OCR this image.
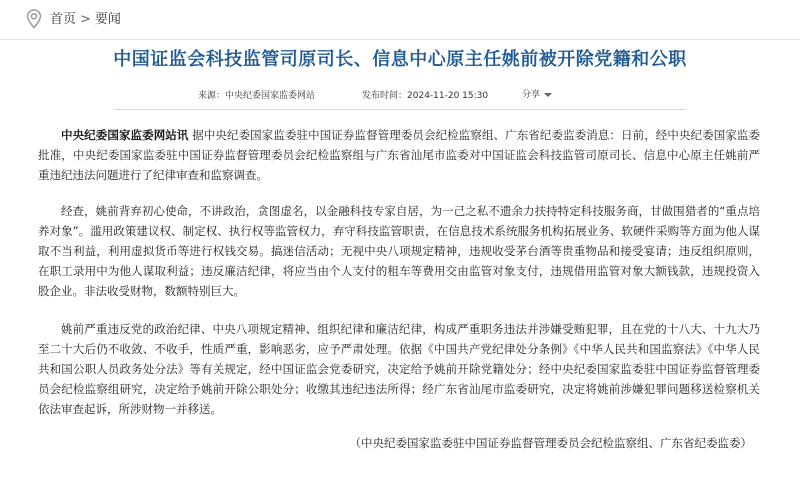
首页 > 要闻
中国证监会科技监管司原司长、信息中心原主任姚前被开除党籍和公职
来源：中央纪委国家监委网站	发布时间：2024-11-20 15:30	分享
中央纪委国家监委网站讯 据中央纪委国家监委驻中国证券监督管理委员会纪检监察组、广东省纪委监委消息：日前，经中央纪委国家监委批准，中央纪委国家监委驻中国证券监督管理委员会纪检监察组与广东省汕尾市监委对中国证监会科技监管司原司长、信息中心原主任姚前严重违纪违法问题进行了纪律审查和监察调查。
经查，姚前背弃初心使命，不讲政治，贪图虚名，以金融科技专家自居，为一己之私不遗余力扶持特定科技服务商，甘做围猎者的“重点培养对象”。滥用政策建议权、制定权、执行权等监管权力，弃守科技监管职责，在信息技术系统服务机构拓展业务、软硬件采购等方面为他人谋取不当利益，利用虚拟货币等进行权钱交易。搞迷信活动；无视中央八项规定精神，违规收受茅台酒等贵重物品和接受宴请；违反组织原则，在职工录用中为他人谋取利益；违反廉洁纪律，将应当由个人支付的租车等费用交由监管对象支付，违规借用监管对象大额钱款，违规投资入股企业。非法收受财物，数额特别巨大。
姚前严重违反党的政治纪律、中央八项规定精神、组织纪律和廉洁纪律，构成严重职务违法并涉嫌受贿犯罪，且在党的十八大、十九大乃至二十大后仍不收敛、不收手，性质严重，影响恶劣，应予严肃处理。依据《中国共产党纪律处分条例》《中华人民共和国监察法》《中华人民共和国公职人员政务处分法》等有关规定，经中国证监会党委研究，决定给予姚前开除党籍处分；经中央纪委国家监委驻中国证券监督管理委员会纪检监察组研究，决定给予姚前开除公职处分；收缴其违纪违法所得；经广东省汕尾市监委研究，决定将姚前涉嫌犯罪问题移送检察机关依法审查起诉，所涉财物一并移送。
（中央纪委国家监委驻中国证券监督管理委员会纪检监察组、广东省纪委监委）
